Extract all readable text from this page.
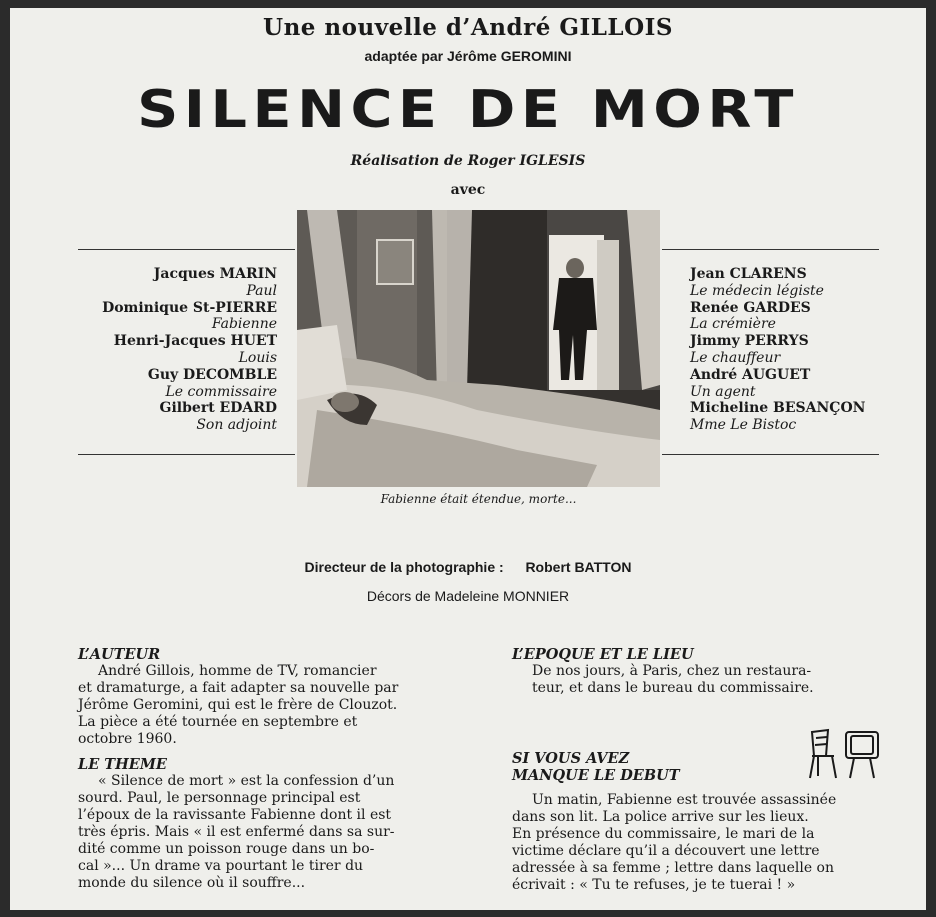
Une nouvelle d’André GILLOIS
adaptée par Jérôme GEROMINI
SILENCE DE MORT
Réalisation de Roger IGLESIS
avec
Jacques MARIN
Paul
Dominique St-PIERRE
Fabienne
Henri-Jacques HUET
Louis
Guy DECOMBLE
Le commissaire
Gilbert EDARD
Son adjoint
Jean CLARENS
Le médecin légiste
Renée GARDES
La crémière
Jimmy PERRYS
Le chauffeur
André AUGUET
Un agent
Micheline BESANÇON
Mme Le Bistoc
Fabienne était étendue, morte...
Directeur de la photographie : Robert BATTON
Décors de Madeleine MONNIER
L’AUTEUR
André Gillois, homme de TV, romancier
et dramaturge, a fait adapter sa nouvelle par
Jérôme Geromini, qui est le frère de Clouzot.
La pièce a été tournée en septembre et
octobre 1960.
LE THEME
« Silence de mort » est la confession d’un
sourd. Paul, le personnage principal est
l’époux de la ravissante Fabienne dont il est
très épris. Mais « il est enfermé dans sa sur-
dité comme un poisson rouge dans un bo-
cal »... Un drame va pourtant le tirer du
monde du silence où il souffre...
L’EPOQUE ET LE LIEU
De nos jours, à Paris, chez un restaura-
teur, et dans le bureau du commissaire.
SI VOUS AVEZ
MANQUE LE DEBUT
Un matin, Fabienne est trouvée assassinée
dans son lit. La police arrive sur les lieux.
En présence du commissaire, le mari de la
victime déclare qu’il a découvert une lettre
adressée à sa femme ; lettre dans laquelle on
écrivait : « Tu te refuses, je te tuerai ! »
